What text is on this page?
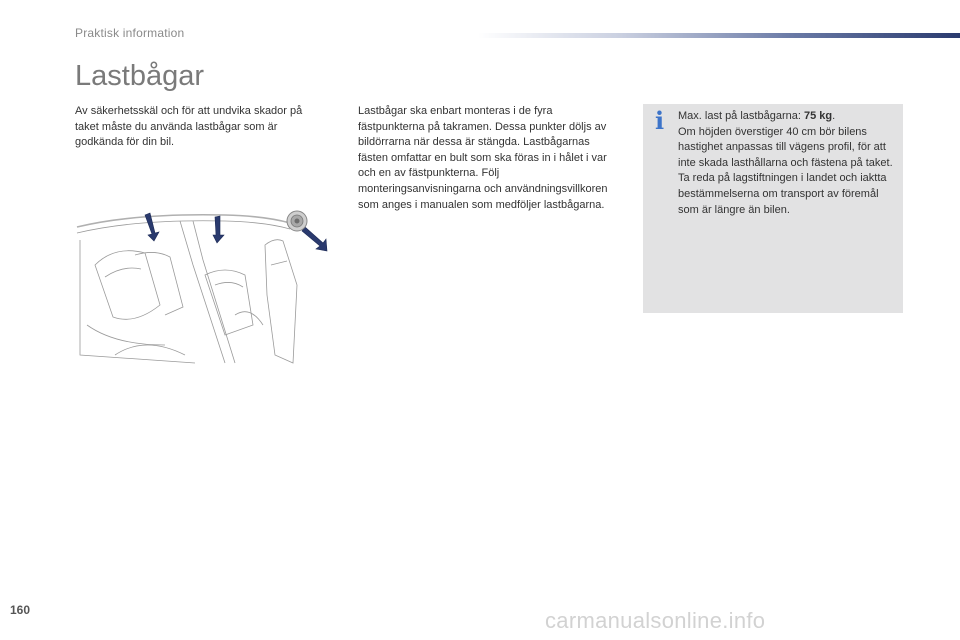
Praktisk information
Lastbågar

Av säkerhetsskäl och för att undvika skador på taket måste du använda lastbågar som är godkända för din bil.

Lastbågar ska enbart monteras i de fyra fästpunkterna på takramen. Dessa punkter döljs av bildörrarna när dessa är stängda. Lastbågarnas fästen omfattar en bult som ska föras in i hålet i var och en av fästpunkterna. Följ monteringsanvisningarna och användningsvillkoren som anges i manualen som medföljer lastbågarna.

i Max. last på lastbågarna: 75 kg.

Om höjden överstiger 40 cm bör bilens hastighet anpassas till vägens profil, för att inte skada lasthållarna och fästena på taket.

Ta reda på lagstiftningen i landet och iaktta bestämmelserna om transport av föremål som är längre än bilen.

160	carmanualsonline.info
